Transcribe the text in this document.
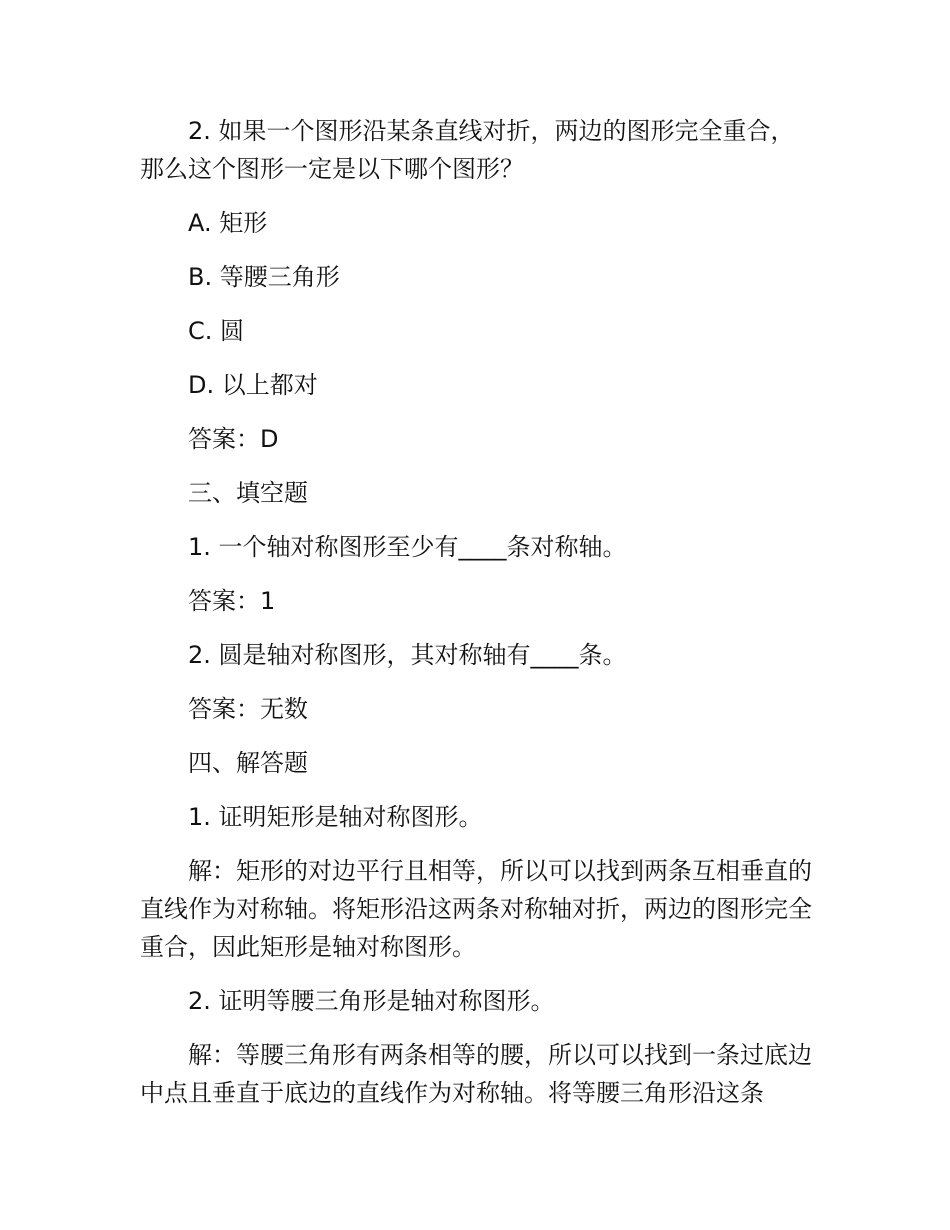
2. 如果一个图形沿某条直线对折，两边的图形完全重合，那么这个图形一定是以下哪个图形？

A. 矩形

B. 等腰三角形

C. 圆

D. 以上都对

答案：D

三、填空题

1. 一个轴对称图形至少有____条对称轴。

答案：1

2. 圆是轴对称图形，其对称轴有____条。

答案：无数

四、解答题

1. 证明矩形是轴对称图形。

解：矩形的对边平行且相等，所以可以找到两条互相垂直的直线作为对称轴。将矩形沿这两条对称轴对折，两边的图形完全重合，因此矩形是轴对称图形。

2. 证明等腰三角形是轴对称图形。

解：等腰三角形有两条相等的腰，所以可以找到一条过底边中点且垂直于底边的直线作为对称轴。将等腰三角形沿这条
